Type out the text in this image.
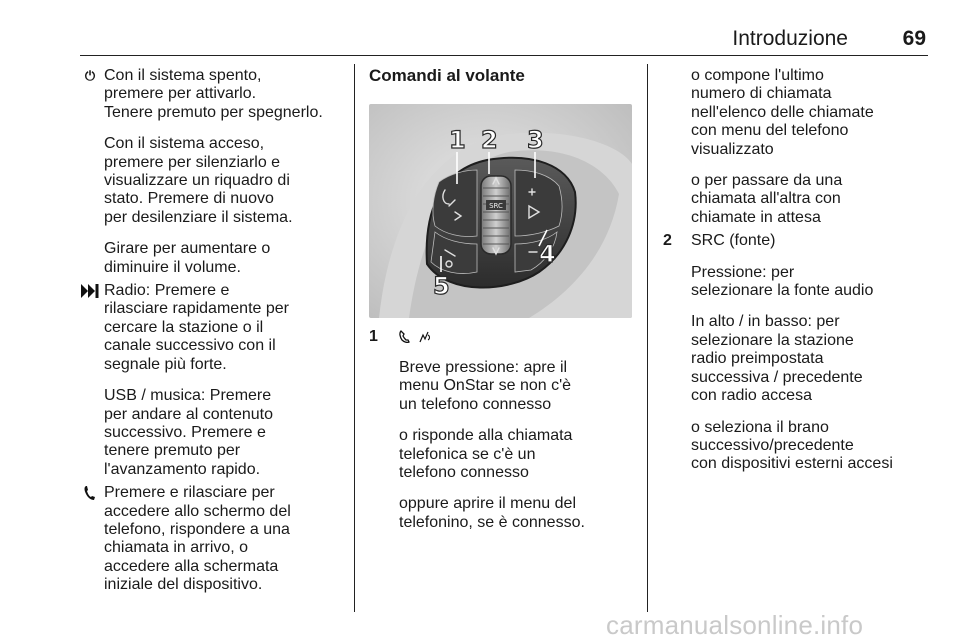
Introduzione	69
⏻ Con il sistema spento,

premere per attivarlo.

Tenere premuto per spegnerlo.

Con il sistema acceso,

premere per silenziarlo e

visualizzare un riquadro di

stato. Premere di nuovo

per desilenziare il sistema.

Girare per aumentare o

diminuire il volume.

Radio: Premere e

rilasciare rapidamente per

cercare la stazione o il

canale successivo con il

segnale più forte.

USB / musica: Premere

per andare al contenuto

successivo. Premere e

tenere premuto per

l'avanzamento rapido.

Premere e rilasciare per

accedere allo schermo del

telefono, rispondere a una

chiamata in arrivo, o

accedere alla schermata

iniziale del dispositivo.

Comandi al volante
SRC
1 2 3
4
5
1

Breve pressione: apre il

menu OnStar se non c'è

un telefono connesso

o risponde alla chiamata

telefonica se c'è un

telefono connesso

oppure aprire il menu del

telefonino, se è connesso.

o compone l'ultimo

numero di chiamata

nell'elenco delle chiamate

con menu del telefono

visualizzato

o per passare da una

chiamata all'altra con

chiamate in attesa

2 SRC (fonte)

Pressione: per

selezionare la fonte audio

In alto / in basso: per

selezionare la stazione

radio preimpostata

successiva / precedente

con radio accesa

o seleziona il brano

successivo/precedente

con dispositivi esterni accesi

carmanualsonline.info
